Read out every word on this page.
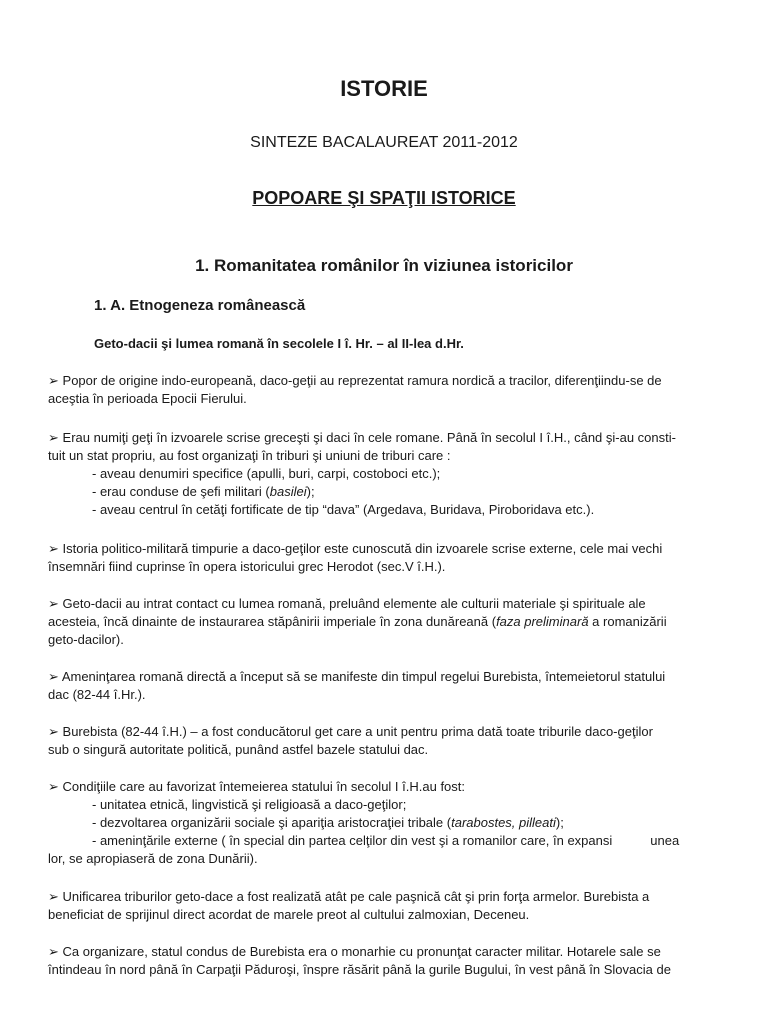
ISTORIE
SINTEZE BACALAUREAT 2011-2012
POPOARE ŞI SPAŢII ISTORICE
1. Romanitatea românilor în viziunea istoricilor
1. A. Etnogeneza românească
Geto-dacii şi lumea romană în secolele I î. Hr. – al II-lea d.Hr.
➢ Popor de origine indo-europeană, daco-geţii au reprezentat ramura nordică a tracilor, diferenţiindu-se de
aceştia în perioada Epocii Fierului.
➢ Erau numiţi geţi în izvoarele scrise greceşti şi daci în cele romane. Până în secolul I î.H., când şi-au consti-
tuit un stat propriu, au fost organizaţi în triburi şi uniuni de triburi care :
- aveau denumiri specifice (apulli, buri, carpi, costoboci etc.);
- erau conduse de şefi militari (basilei);
- aveau centrul în cetăţi fortificate de tip “dava” (Argedava, Buridava, Piroboridava etc.).
➢ Istoria politico-militară timpurie a daco-geţilor este cunoscută din izvoarele scrise externe, cele mai vechi
însemnări fiind cuprinse în opera istoricului grec Herodot (sec.V î.H.).
➢ Geto-dacii au intrat contact cu lumea romană, preluând elemente ale culturii materiale şi spirituale ale
acesteia, încă dinainte de instaurarea stăpânirii imperiale în zona dunăreană (faza preliminară a romanizării
geto-dacilor).
➢ Ameninţarea romană directă a început să se manifeste din timpul regelui Burebista, întemeietorul statului
dac (82-44 î.Hr.).
➢ Burebista (82-44 î.H.) – a fost conducătorul get care a unit pentru prima dată toate triburile daco-geţilor
sub o singură autoritate politică, punând astfel bazele statului dac.
➢ Condiţiile care au favorizat întemeierea statului în secolul I î.H.au fost:
- unitatea etnică, lingvistică şi religioasă a daco-geţilor;
- dezvoltarea organizării sociale şi apariţia aristocraţiei tribale (tarabostes, pilleati);
- ameninţările externe ( în special din partea celţilor din vest şi a romanilor care, în expansi	unea
lor, se apropiaseră de zona Dunării).
➢ Unificarea triburilor geto-dace a fost realizată atât pe cale paşnică cât şi prin forţa armelor. Burebista a
beneficiat de sprijinul direct acordat de marele preot al cultului zalmoxian, Deceneu.
➢ Ca organizare, statul condus de Burebista era o monarhie cu pronunţat caracter militar. Hotarele sale se
întindeau în nord până în Carpaţii Păduroşi, înspre răsărit până la gurile Bugului, în vest până în Slovacia de
